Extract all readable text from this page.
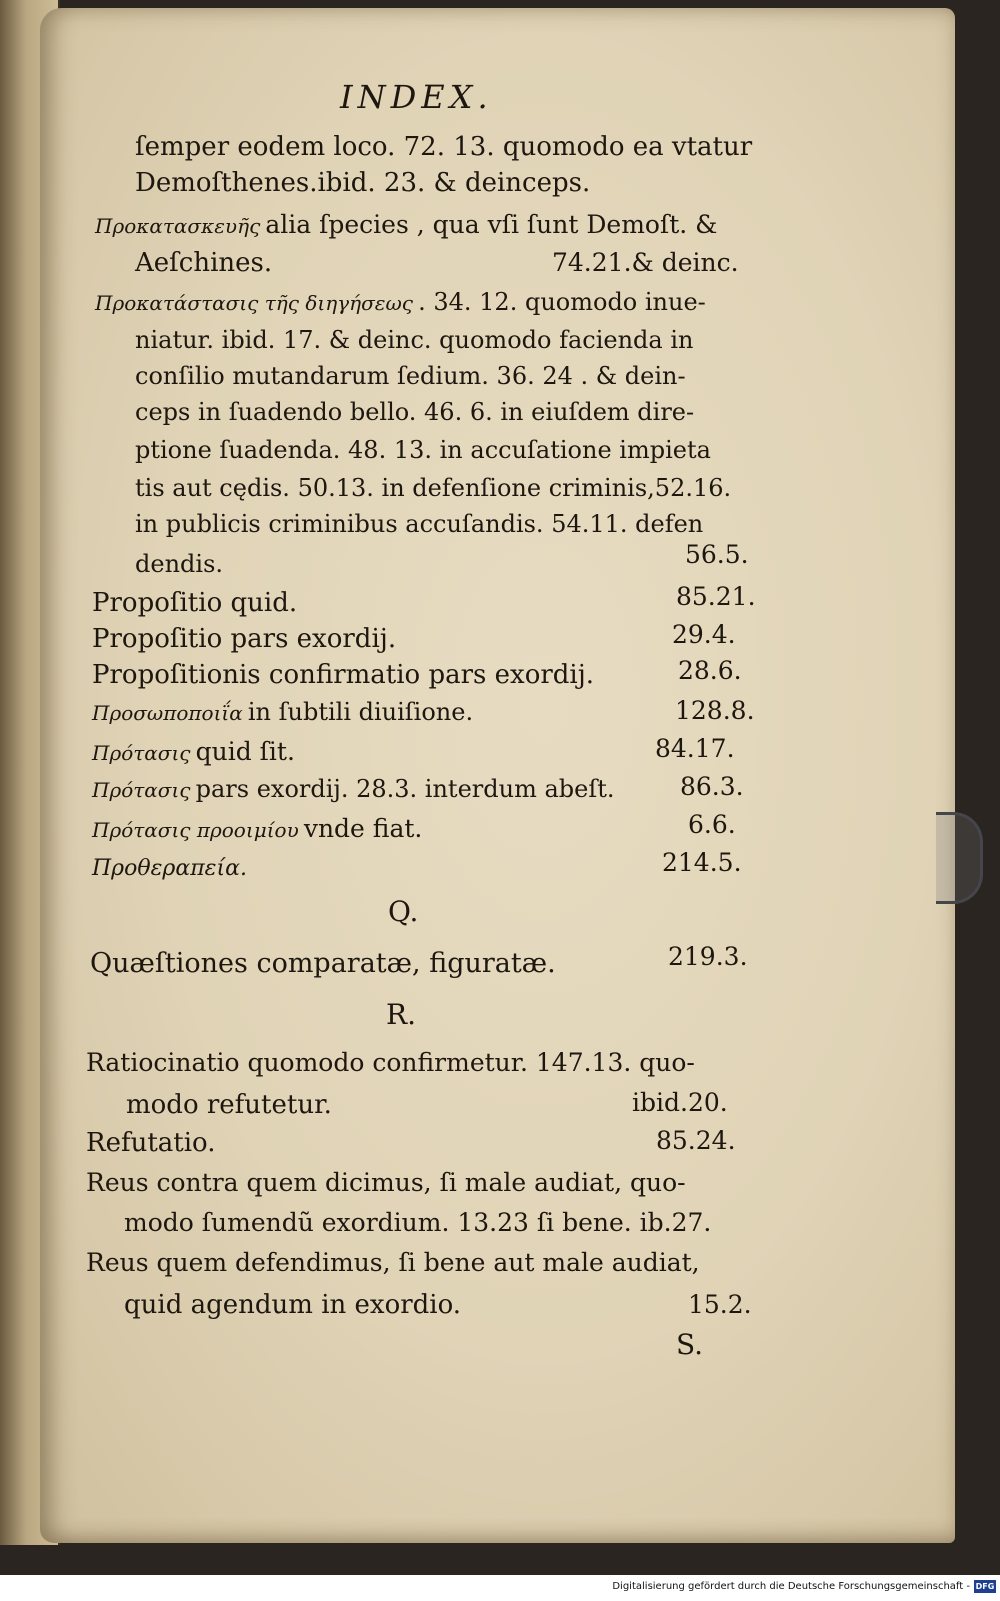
INDEX.
ſemper eodem loco. 72. 13. quomodo ea vtatur
Demoſthenes.ibid. 23. & deinceps.
Προκατασκευῆς alia ſpecies , qua vſi ſunt Demoſt. &
Aeſchines.	74.21.& deinc.
Προκατάστασις τῆς διηγήσεως . 34. 12. quomodo inue-
niatur. ibid. 17. & deinc. quomodo facienda in
conſilio mutandarum ſedium. 36. 24 . & dein-
ceps in ſuadendo bello. 46. 6. in eiuſdem dire-
ptione ſuadenda. 48. 13. in accuſatione impieta
tis aut cędis. 50.13. in defenſione criminis,52.16.
in publicis criminibus accuſandis. 54.11. defen
dendis.	56.5.
Propoſitio quid.	85.21.
Propoſitio pars exordij.	29.4.
Propoſitionis confirmatio pars exordij.	28.6.
Προσωποποιΐα in ſubtili diuiſione.	128.8.
Πρότασις quid ſit.	84.17.
Πρότασις pars exordij. 28.3. interdum abeſt.	86.3.
Πρότασις προοιμίου vnde fiat.	6.6.
Προθεραπεία.	214.5.
Q.
Quæſtiones comparatæ, figuratæ.	219.3.
R.
Ratiocinatio quomodo confirmetur. 147.13. quo-
modo refutetur.	ibid.20.
Refutatio.	85.24.
Reus contra quem dicimus, ſi male audiat, quo-
modo ſumendũ exordium. 13.23 ſi bene. ib.27.
Reus quem defendimus, ſi bene aut male audiat,
quid agendum in exordio.	15.2.
S.
Digitalisierung gefördert durch die Deutsche Forschungsgemeinschaft - DFG
